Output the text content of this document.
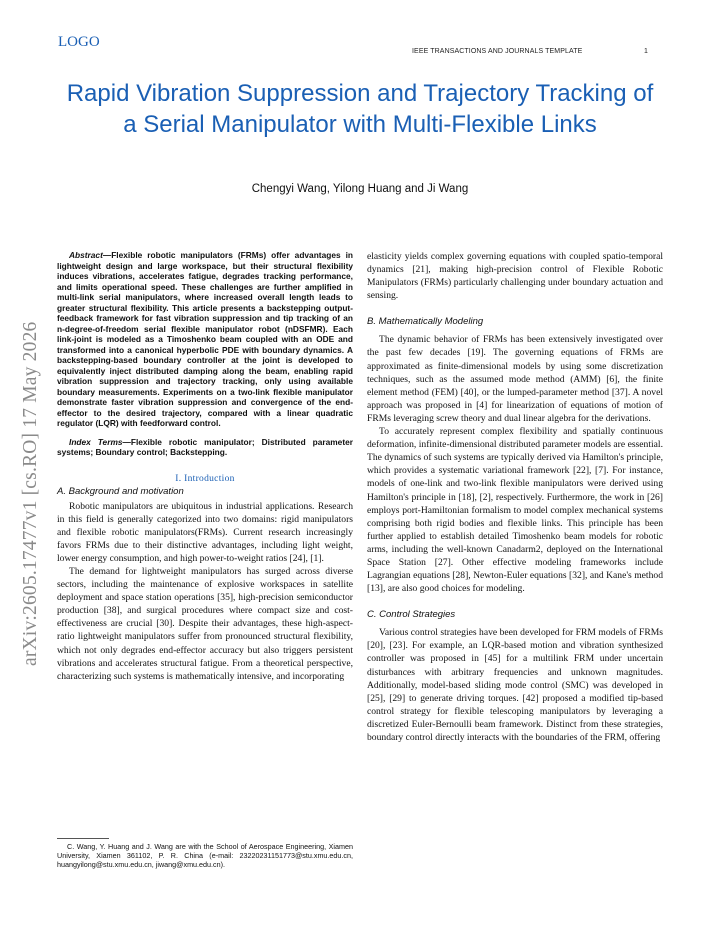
LOGO
IEEE TRANSACTIONS AND JOURNALS TEMPLATE	1
Rapid Vibration Suppression and Trajectory Tracking of a Serial Manipulator with Multi-Flexible Links
Chengyi Wang, Yilong Huang and Ji Wang
arXiv:2605.17477v1 [cs.RO] 17 May 2026

Abstract—Flexible robotic manipulators (FRMs) offer advantages in lightweight design and large workspace, but their structural flexibility induces vibrations, accelerates fatigue, degrades tracking performance, and limits operational speed. These challenges are further amplified in multi-link serial manipulators, where increased overall length leads to greater structural flexibility. This article presents a backstepping output-feedback framework for fast vibration suppression and tip tracking of an n-degree-of-freedom serial flexible manipulator robot (nDSFMR). Each link-joint is modeled as a Timoshenko beam coupled with an ODE and transformed into a canonical hyperbolic PDE with boundary dynamics. A backstepping-based boundary controller at the joint is developed to equivalently inject distributed damping along the beam, enabling rapid vibration suppression and trajectory tracking, only using available boundary measurements. Experiments on a two-link flexible manipulator demonstrate faster vibration suppression and convergence of the end-effector to the desired trajectory, compared with a linear quadratic regulator (LQR) with feedforward control.

Index Terms—Flexible robotic manipulator; Distributed parameter systems; Boundary control; Backstepping.

I. Introduction
A. Background and motivation

Robotic manipulators are ubiquitous in industrial applications. Research in this field is generally categorized into two domains: rigid manipulators and flexible robotic manipulators(FRMs). Current research increasingly favors FRMs due to their distinctive advantages, including light weight, lower energy consumption, and high power-to-weight ratios [24], [1].

The demand for lightweight manipulators has surged across diverse sectors, including the maintenance of explosive workspaces in satellite deployment and space station operations [35], high-precision semiconductor production [38], and surgical procedures where compact size and cost-effectiveness are crucial [30]. Despite their advantages, these high-aspect-ratio lightweight manipulators suffer from pronounced structural flexibility, which not only degrades end-effector accuracy but also triggers persistent vibrations and accelerates structural fatigue. From a theoretical perspective, characterizing such systems is mathematically intensive, and incorporating

elasticity yields complex governing equations with coupled spatio-temporal dynamics [21], making high-precision control of Flexible Robotic Manipulators (FRMs) particularly challenging under boundary actuation and sensing.

B. Mathematically Modeling

The dynamic behavior of FRMs has been extensively investigated over the past few decades [19]. The governing equations of FRMs are approximated as finite-dimensional models by using some discretization techniques, such as the assumed mode method (AMM) [6], the finite element method (FEM) [40], or the lumped-parameter method [37]. A novel approach was proposed in [4] for linearization of equations of motion of FRMs leveraging screw theory and dual linear algebra for the derivations.

To accurately represent complex flexibility and spatially continuous deformation, infinite-dimensional distributed parameter models are essential. The dynamics of such systems are typically derived via Hamilton's principle, which provides a systematic variational framework [22], [7]. For instance, models of one-link and two-link flexible manipulators were derived using Hamilton's principle in [18], [2], respectively. Furthermore, the work in [26] employs port-Hamiltonian formalism to model complex mechanical systems comprising both rigid bodies and flexible links. This principle has been further applied to establish detailed Timoshenko beam models for robotic arms, including the well-known Canadarm2, deployed on the International Space Station [27]. Other effective modeling frameworks include Lagrangian equations [28], Newton-Euler equations [32], and Kane's method [13], are also good choices for modeling.

C. Control Strategies

Various control strategies have been developed for FRM models of FRMs [20], [23]. For example, an LQR-based motion and vibration synthesized controller was proposed in [45] for a multilink FRM under uncertain disturbances with arbitrary frequencies and unknown magnitudes. Additionally, model-based sliding mode control (SMC) was developed in [25], [29] to generate driving torques. [42] proposed a modified tip-based control strategy for flexible telescoping manipulators by leveraging a discretized Euler-Bernoulli beam framework. Distinct from these strategies, boundary control directly interacts with the boundaries of the FRM, offering

C. Wang, Y. Huang and J. Wang are with the School of Aerospace Engineering, Xiamen University, Xiamen 361102, P. R. China (e-mail: 23220231151773@stu.xmu.edu.cn, huangyilong@stu.xmu.edu.cn, jiwang@xmu.edu.cn).
